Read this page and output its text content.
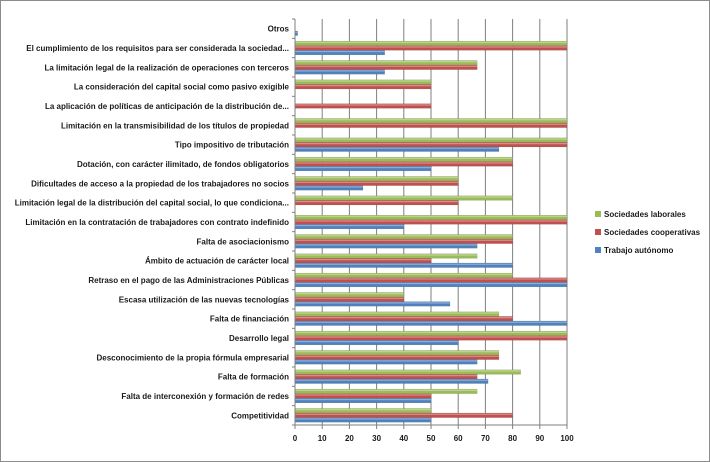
Otros
El cumplimiento de los requisitos para ser considerada la sociedad...
La limitación legal de la realización de operaciones con terceros
La consideración del capital social como pasivo exigible
La aplicación de políticas de anticipación de la distribución de...
Limitación en la transmisibilidad de los títulos de propiedad
Tipo impositivo de tributación
Dotación, con carácter ilimitado, de fondos obligatorios
Dificultades de acceso a la propiedad de los trabajadores no socios
Limitación legal de la distribución del capital social, lo que condiciona...
Limitación en la contratación de trabajadores con contrato indefinido
Falta de asociacionismo
Ámbito de actuación de carácter local
Retraso en el pago de las Administraciones Públicas
Escasa utilización de las nuevas tecnologías
Falta de financiación
Desarrollo legal
Desconocimiento de la propia fórmula empresarial
Falta de formación
Falta de interconexión y formación de redes
Competitividad
0	10 20 30 40 50 60 70 80 90 100
Sociedades laborales
Sociedades cooperativas
Trabajo autónomo
